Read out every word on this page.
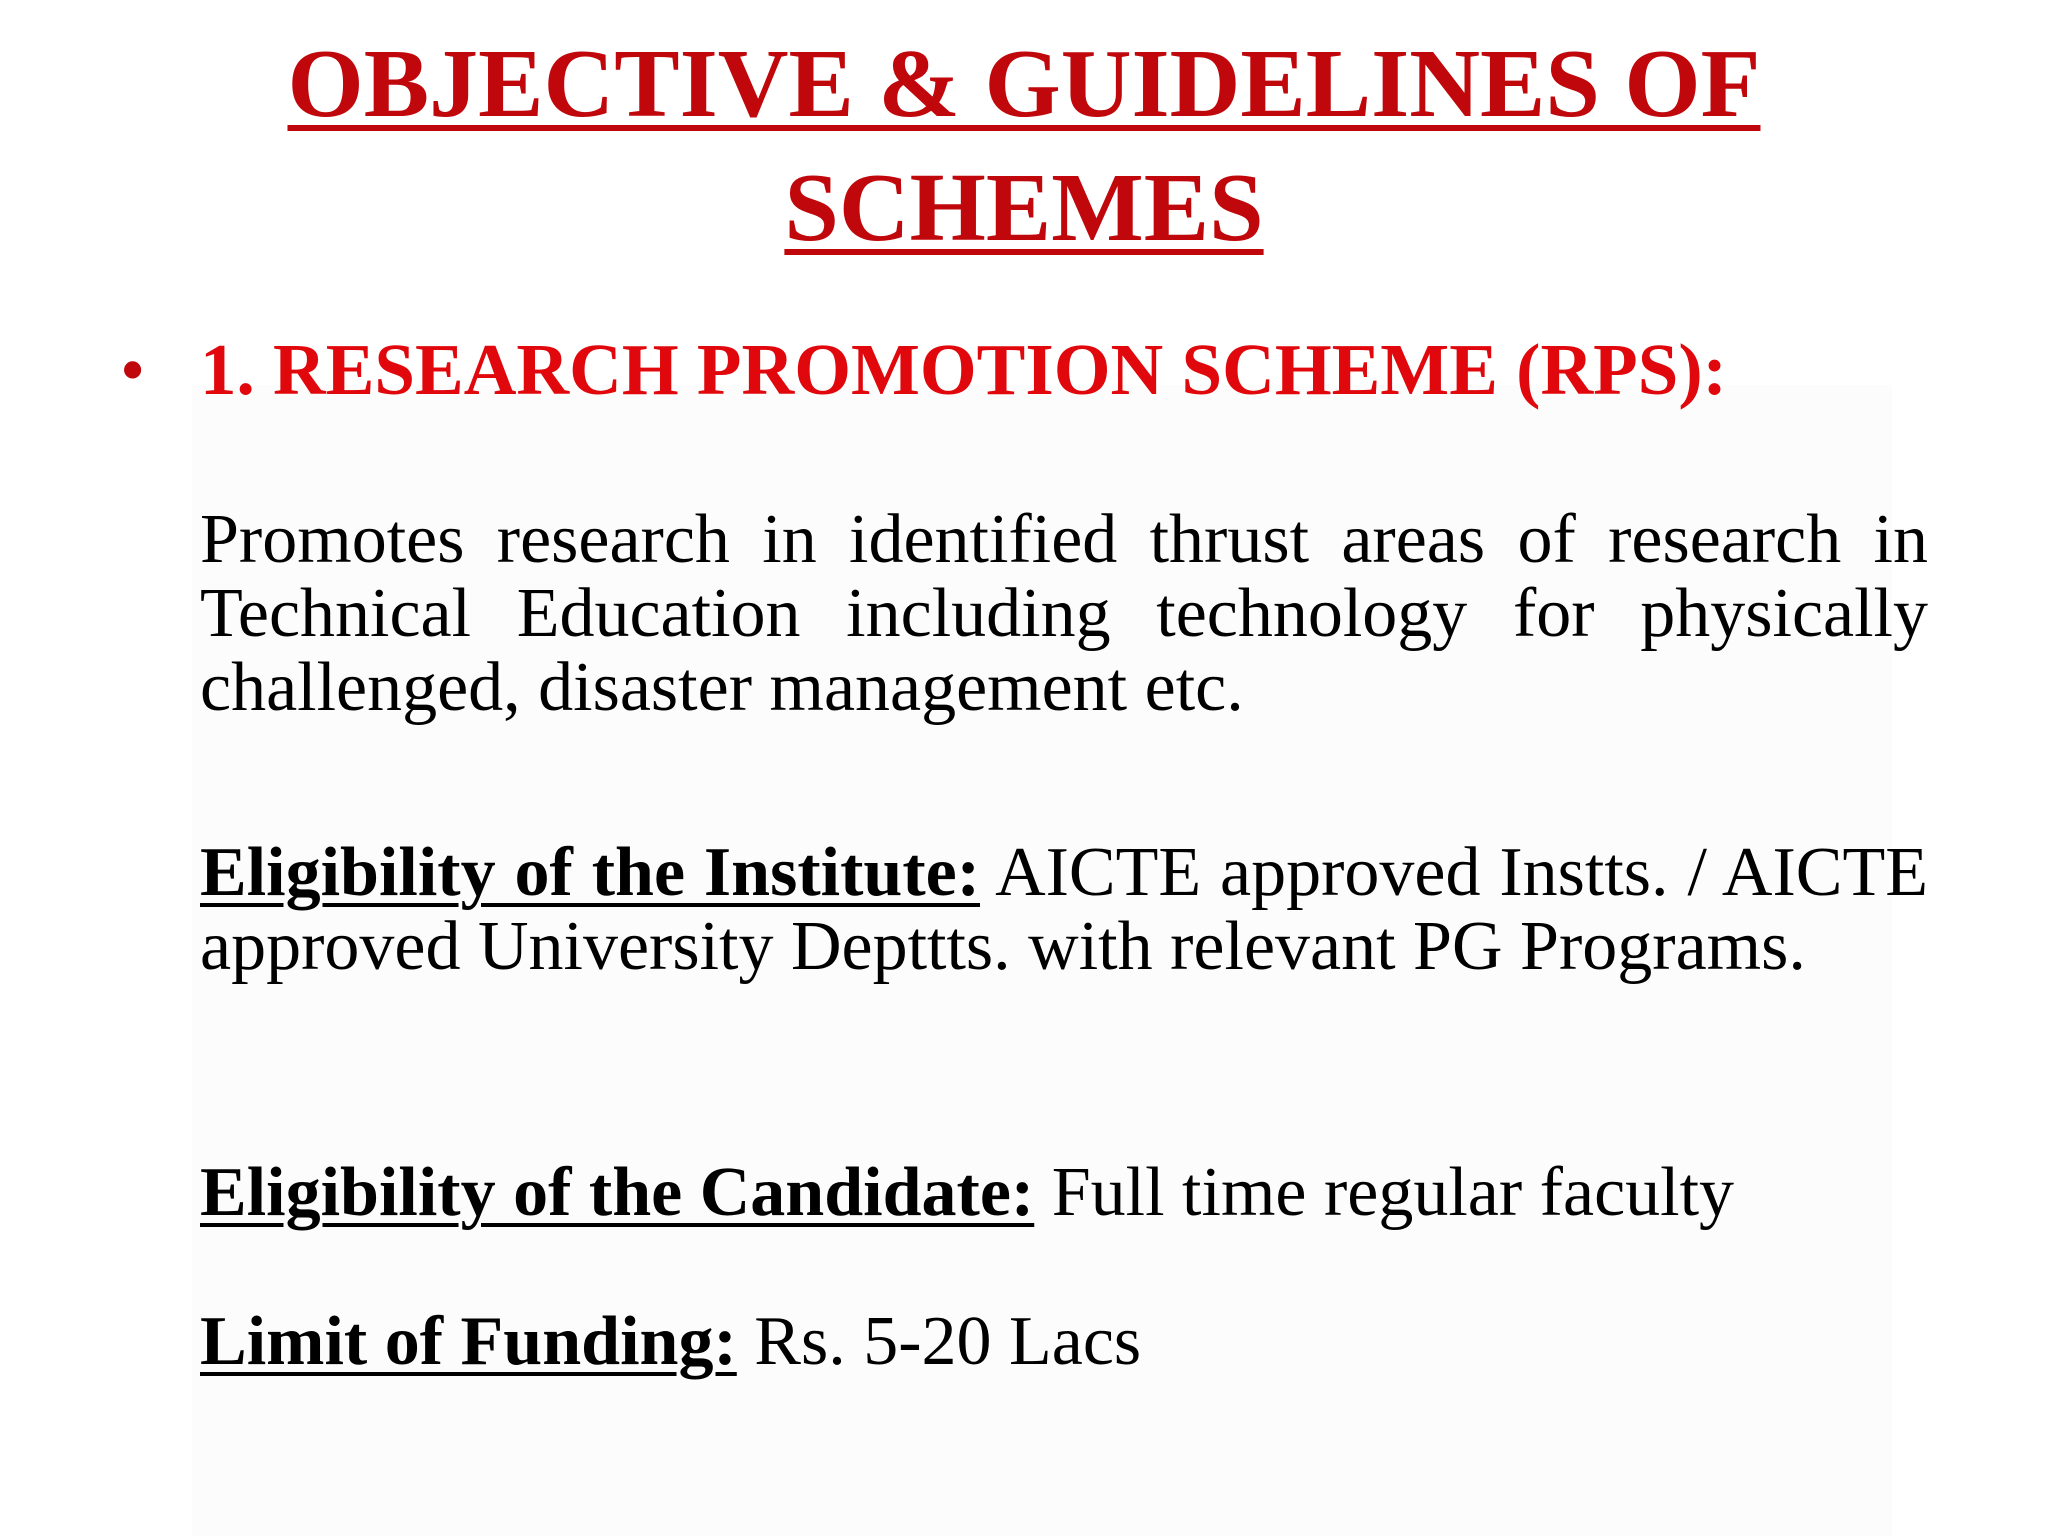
OBJECTIVE & GUIDELINES OF
SCHEMES
• 1. RESEARCH PROMOTION SCHEME (RPS):

Promotes research in identified thrust areas of research in Technical Education including technology for physically challenged, disaster management etc.

Eligibility of the Institute: AICTE approved Instts. / AICTE approved University Depttts. with relevant PG Programs.

Eligibility of the Candidate: Full time regular faculty

Limit of Funding: Rs. 5-20 Lacs
